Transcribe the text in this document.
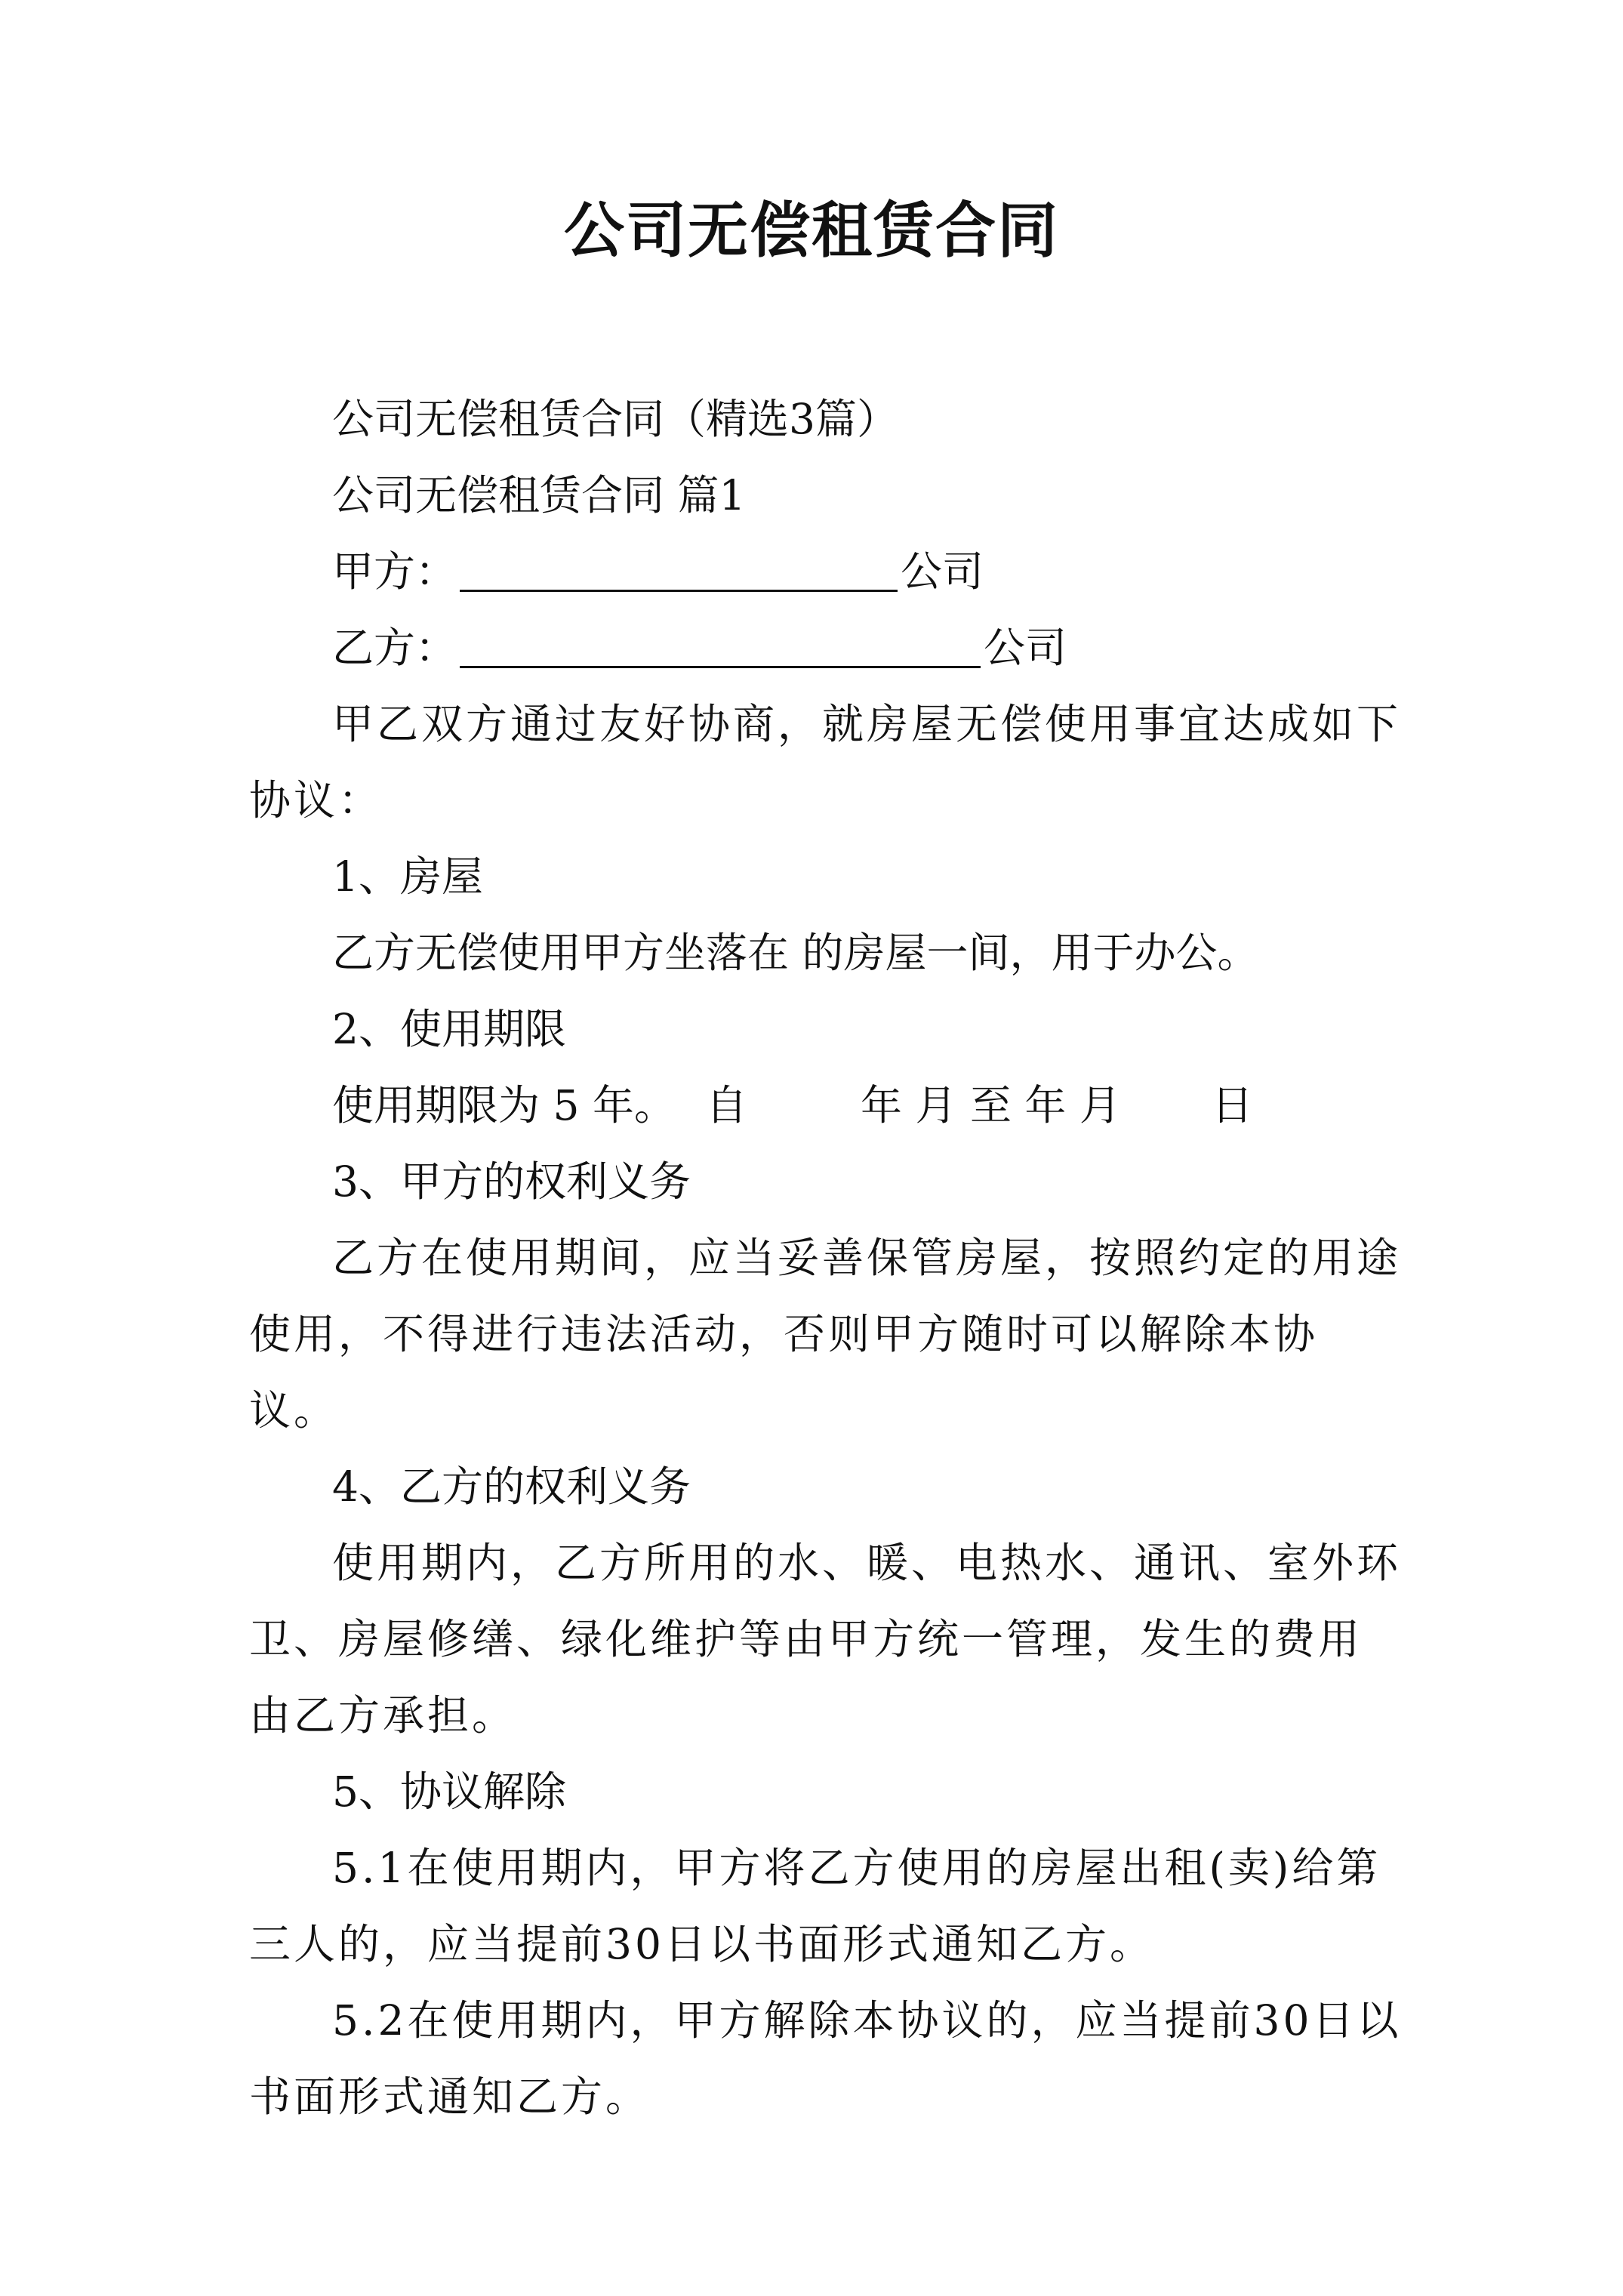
公司无偿租赁合同

公司无偿租赁合同（精选3篇）

公司无偿租赁合同 篇1

甲方：	公司

乙方：	公司

甲乙双方通过友好协商，就房屋无偿使用事宜达成如下协议：

1、房屋

乙方无偿使用甲方坐落在 的房屋一间，用于办公。

2、使用期限

使用期限为 5 年。 自	年 月 至 年 月 日

3、甲方的权利义务

乙方在使用期间，应当妥善保管房屋，按照约定的用途使用，不得进行违法活动，否则甲方随时可以解除本协议。

4、乙方的权利义务

使用期内，乙方所用的水、暖、电热水、通讯、室外环卫、房屋修缮、绿化维护等由甲方统一管理，发生的费用由乙方承担。

5、协议解除

5.1在使用期内，甲方将乙方使用的房屋出租(卖)给第三人的，应当提前30日以书面形式通知乙方。

5.2在使用期内，甲方解除本协议的，应当提前30日以书面形式通知乙方。
